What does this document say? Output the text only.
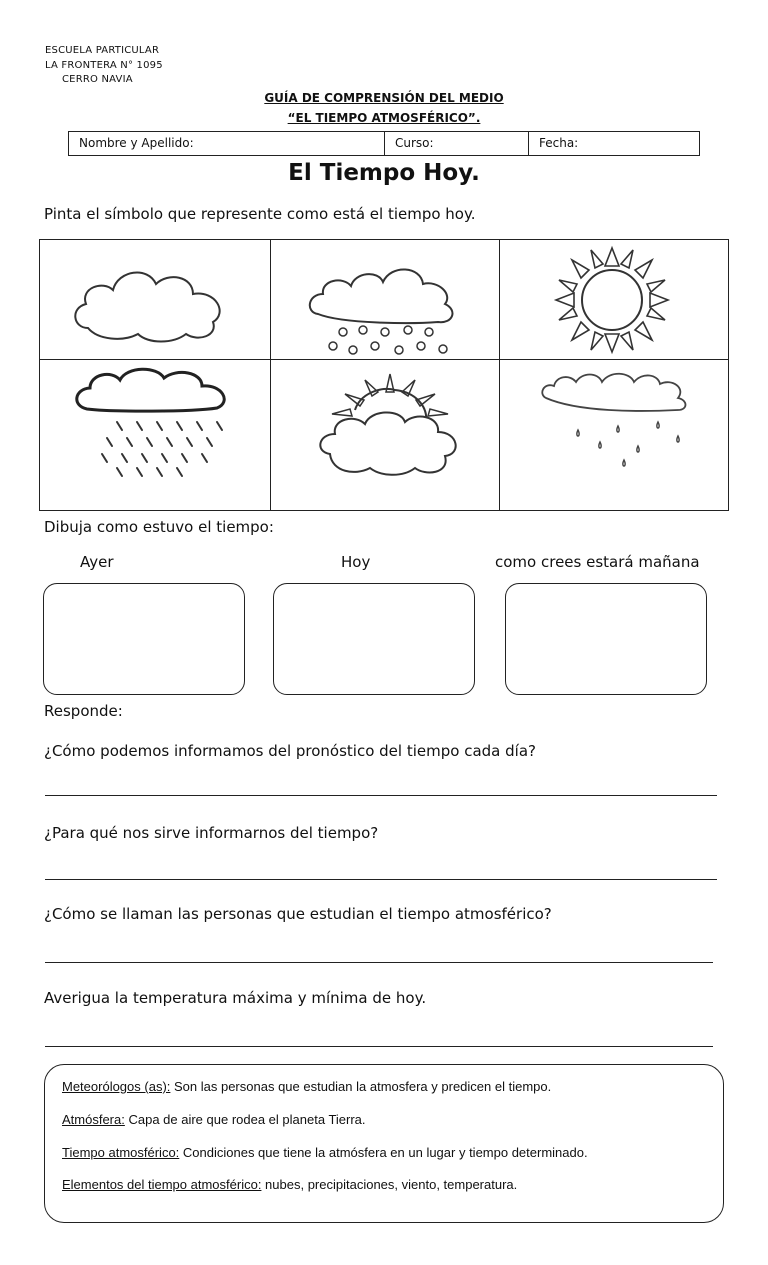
ESCUELA PARTICULAR
LA FRONTERA N° 1095
CERRO NAVIA
GUÍA DE COMPRENSIÓN DEL MEDIO
“EL TIEMPO ATMOSFÉRICO”.
Nombre y Apellido:	Curso:	Fecha:
El Tiempo Hoy.
Pinta el símbolo que represente como está el tiempo hoy.
Dibuja como estuvo el tiempo:
Ayer	Hoy	como crees estará mañana
Responde:
¿Cómo podemos informamos del pronóstico del tiempo cada día?
¿Para qué nos sirve informarnos del tiempo?
¿Cómo se llaman las personas que estudian el tiempo atmosférico?
Averigua la temperatura máxima y mínima de hoy.
Meteorólogos (as): Son las personas que estudian la atmosfera y predicen el tiempo.
Atmósfera: Capa de aire que rodea el planeta Tierra.
Tiempo atmosférico: Condiciones que tiene la atmósfera en un lugar y tiempo determinado.
Elementos del tiempo atmosférico: nubes, precipitaciones, viento, temperatura.
